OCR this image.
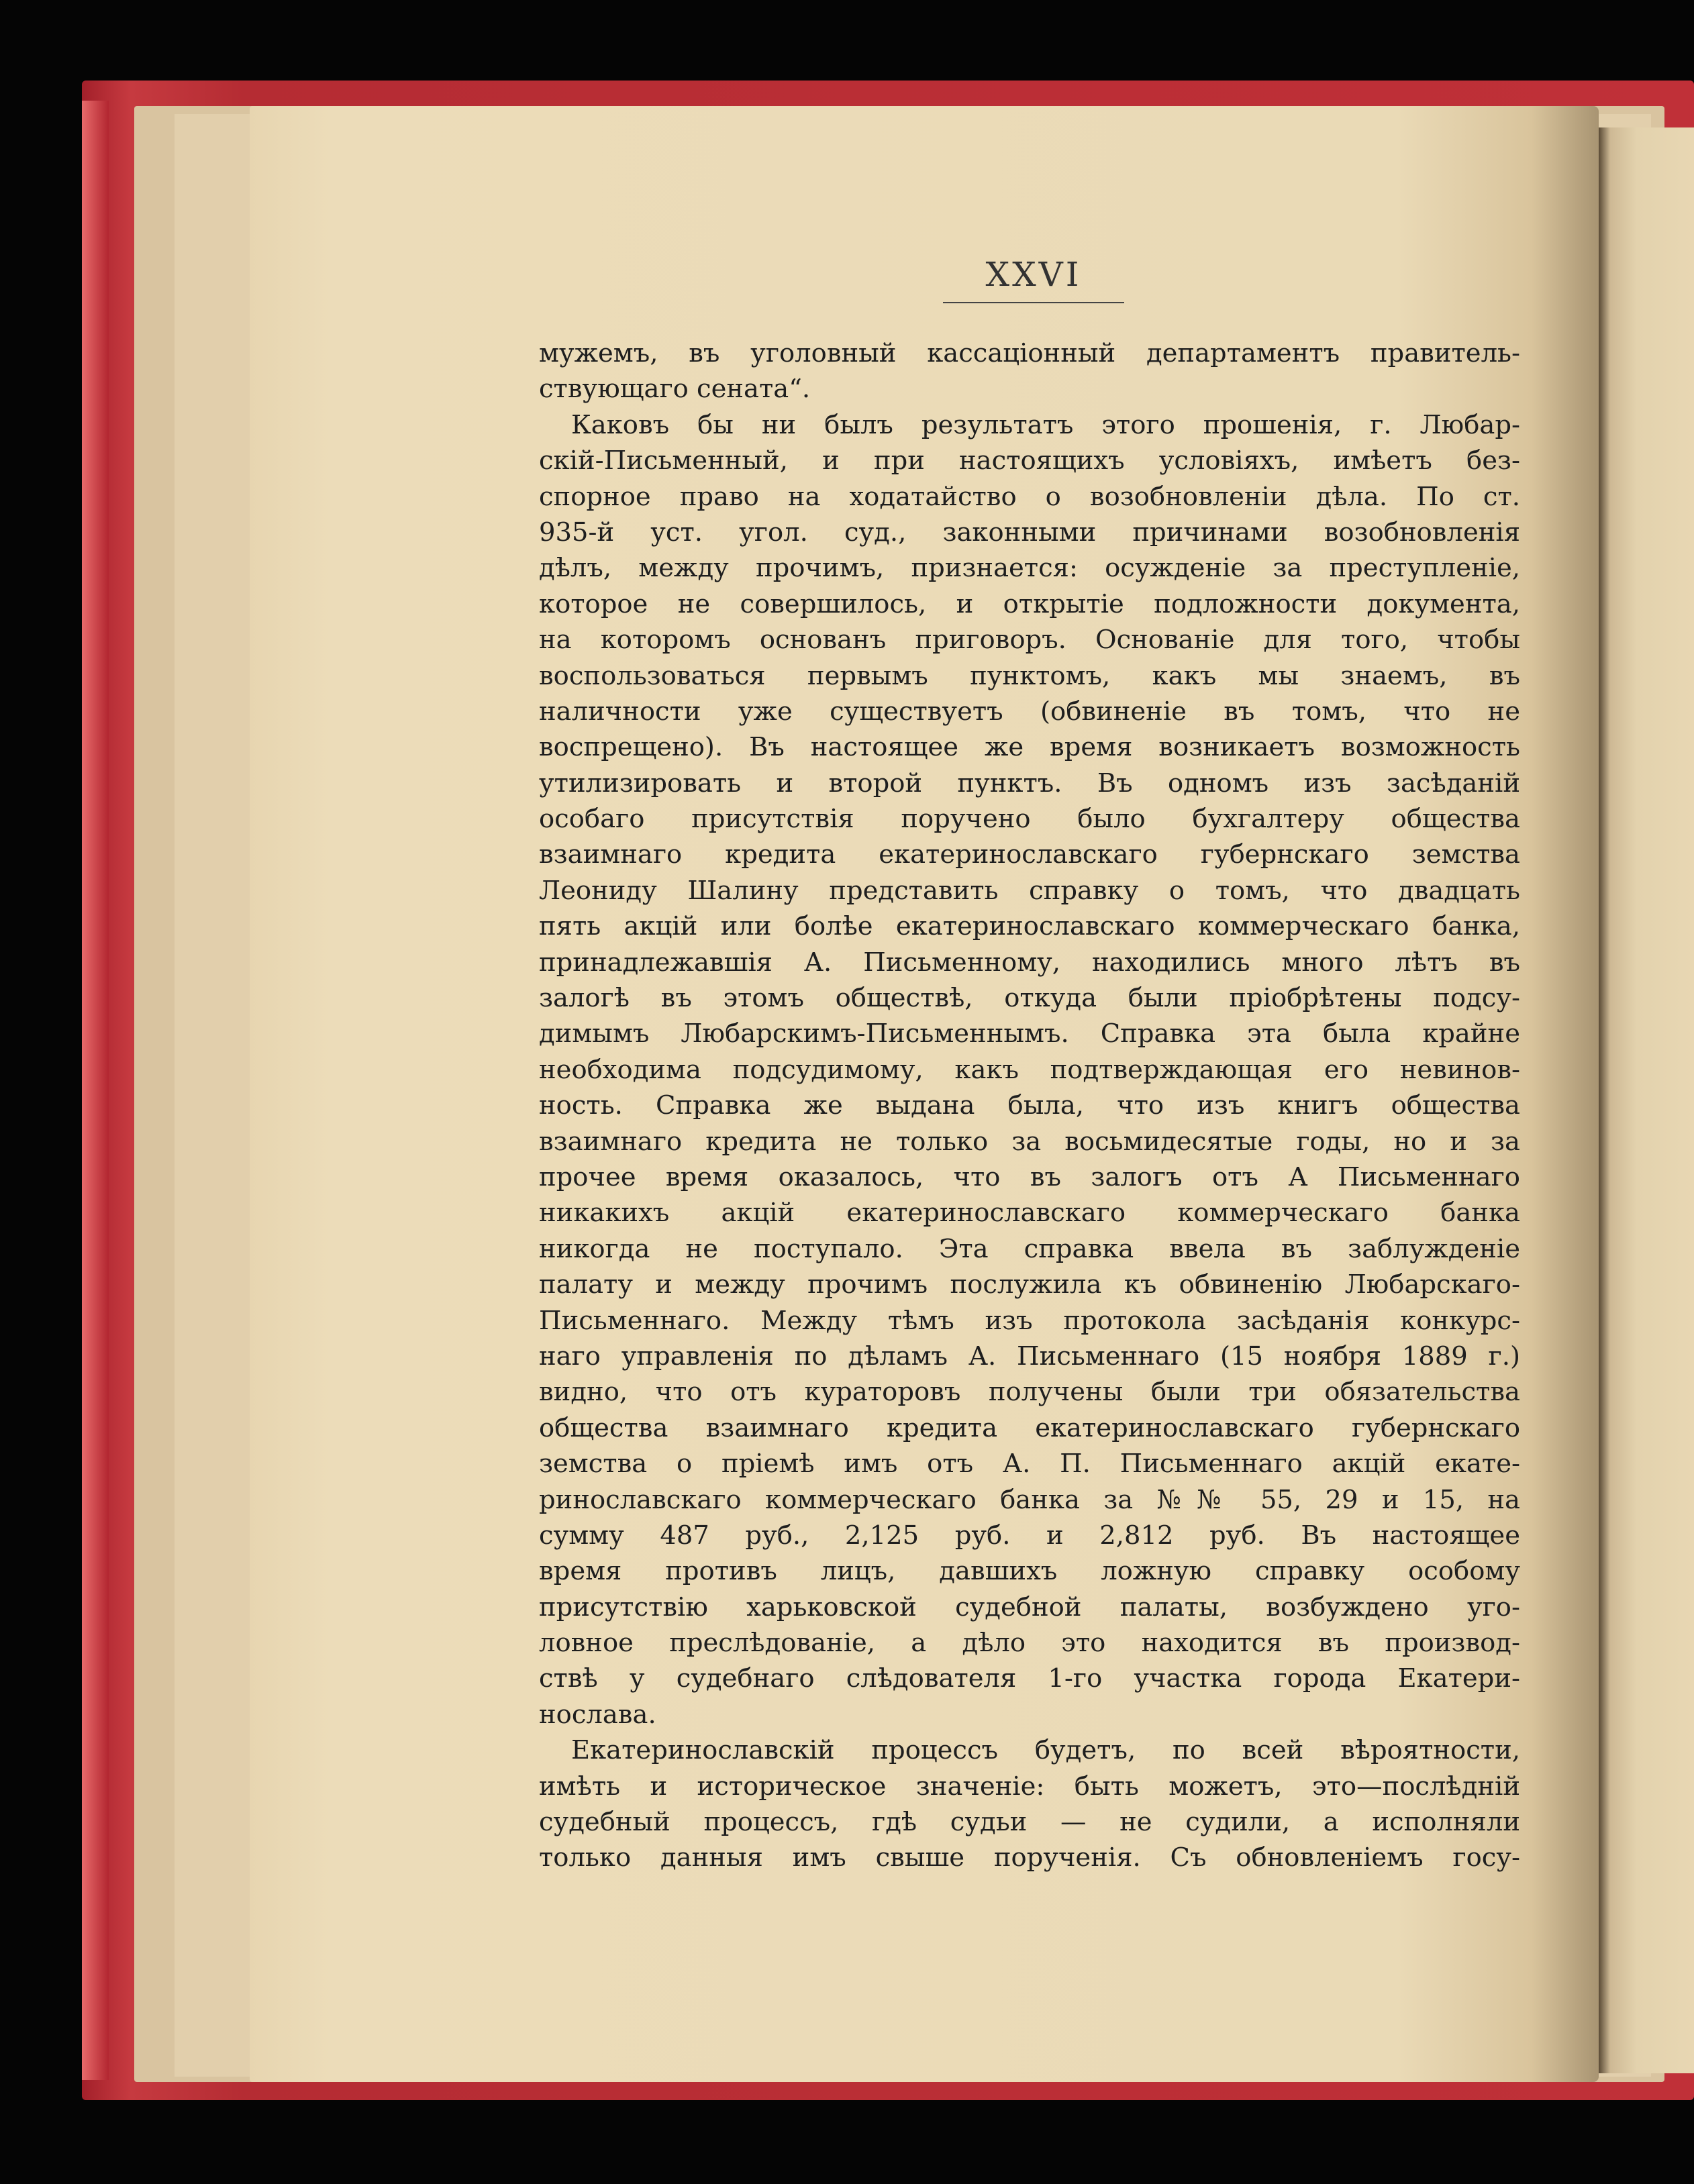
XXVI
мужемъ, въ уголовный кассаціонный департаментъ правитель-
ствующаго сената“.
Каковъ бы ни былъ результатъ этого прошенія, г. Любар-
скій-Письменный, и при настоящихъ условіяхъ, имѣетъ без-
спорное право на ходатайство о возобновленіи дѣла. По ст.
935-й уст. угол. суд., законными причинами возобновленія
дѣлъ, между прочимъ, признается: осужденіе за преступленіе,
которое не совершилось, и открытіе подложности документа,
на которомъ основанъ приговоръ. Основаніе для того, чтобы
воспользоваться первымъ пунктомъ, какъ мы знаемъ, въ
наличности уже существуетъ (обвиненіе въ томъ, что не
воспрещено). Въ настоящее же время возникаетъ возможность
утилизировать и второй пунктъ. Въ одномъ изъ засѣданій
особаго присутствія поручено было бухгалтеру общества
взаимнаго кредита екатеринославскаго губернскаго земства
Леониду Шалину представить справку о томъ, что двадцать
пять акцій или болѣе екатеринославскаго коммерческаго банка,
принадлежавшія А. Письменному, находились много лѣтъ въ
залогѣ въ этомъ обществѣ, откуда были пріобрѣтены подсу-
димымъ Любарскимъ-Письменнымъ. Справка эта была крайне
необходима подсудимому, какъ подтверждающая его невинов-
ность. Справка же выдана была, что изъ книгъ общества
взаимнаго кредита не только за восьмидесятые годы, но и за
прочее время оказалось, что въ залогъ отъ А Письменнаго
никакихъ акцій екатеринославскаго коммерческаго банка
никогда не поступало. Эта справка ввела въ заблужденіе
палату и между прочимъ послужила къ обвиненію Любарскаго-
Письменнаго. Между тѣмъ изъ протокола засѣданія конкурс-
наго управленія по дѣламъ А. Письменнаго (15 ноября 1889 г.)
видно, что отъ кураторовъ получены были три обязательства
общества взаимнаго кредита екатеринославскаго губернскаго
земства о пріемѣ имъ отъ А. П. Письменнаго акцій екате-
ринославскаго коммерческаго банка за №№ 55, 29 и 15, на
сумму 487 руб., 2,125 руб. и 2,812 руб. Въ настоящее
время противъ лицъ, давшихъ ложную справку особому
присутствію харьковской судебной палаты, возбуждено уго-
ловное преслѣдованіе, а дѣло это находится въ производ-
ствѣ у судебнаго слѣдователя 1-го участка города Екатери-
нослава.
Екатеринославскій процессъ будетъ, по всей вѣроятности,
имѣть и историческое значеніе: быть можетъ, это—послѣдній
судебный процессъ, гдѣ судьи — не судили, а исполняли
только данныя имъ свыше порученія. Съ обновленіемъ госу-
